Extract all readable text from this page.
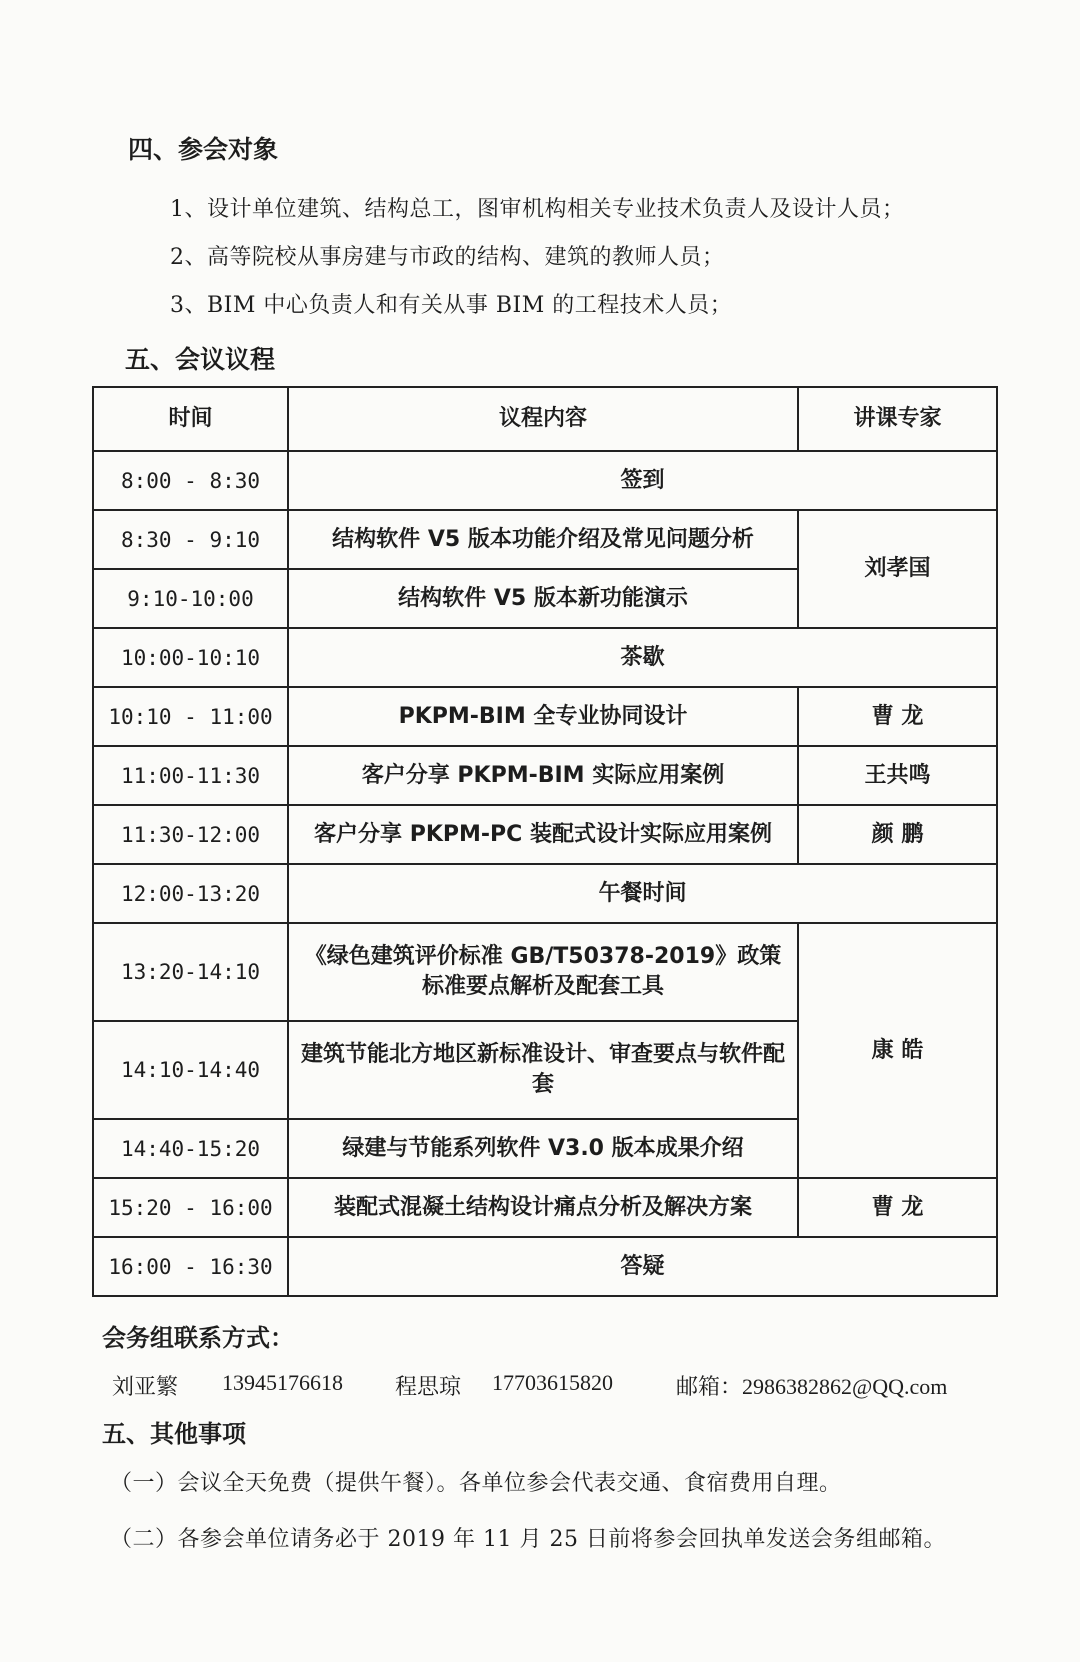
四、参会对象
1、设计单位建筑、结构总工，图审机构相关专业技术负责人及设计人员；
2、高等院校从事房建与市政的结构、建筑的教师人员；
3、BIM 中心负责人和有关从事 BIM 的工程技术人员；
五、会议议程
时间	议程内容	讲课专家
8:00 - 8:30	签到	
8:30 - 9:10	结构软件 V5 版本功能介绍及常见问题分析	刘孝国
9:10-10:00	结构软件 V5 版本新功能演示	
10:00-10:10	茶歇	
10:10 - 11:00	PKPM-BIM 全专业协同设计	曹 龙
11:00-11:30	客户分享 PKPM-BIM 实际应用案例	王共鸣
11:30-12:00	客户分享 PKPM-PC 装配式设计实际应用案例	颜 鹏
12:00-13:20	午餐时间	
13:20-14:10	《绿色建筑评价标准 GB/T50378-2019》政策标准要点解析及配套工具	康 皓
14:10-14:40	建筑节能北方地区新标准设计、审查要点与软件配套	
14:40-15:20	绿建与节能系列软件 V3.0 版本成果介绍	
15:20 - 16:00	装配式混凝土结构设计痛点分析及解决方案	曹 龙
16:00 - 16:30	答疑	
会务组联系方式：
刘亚繁 13945176618 程思琼 17703615820	邮箱：2986382862@QQ.com
五、其他事项
（一）会议全天免费（提供午餐）。各单位参会代表交通、食宿费用自理。
（二）各参会单位请务必于 2019 年 11 月 25 日前将参会回执单发送会务组邮箱。
